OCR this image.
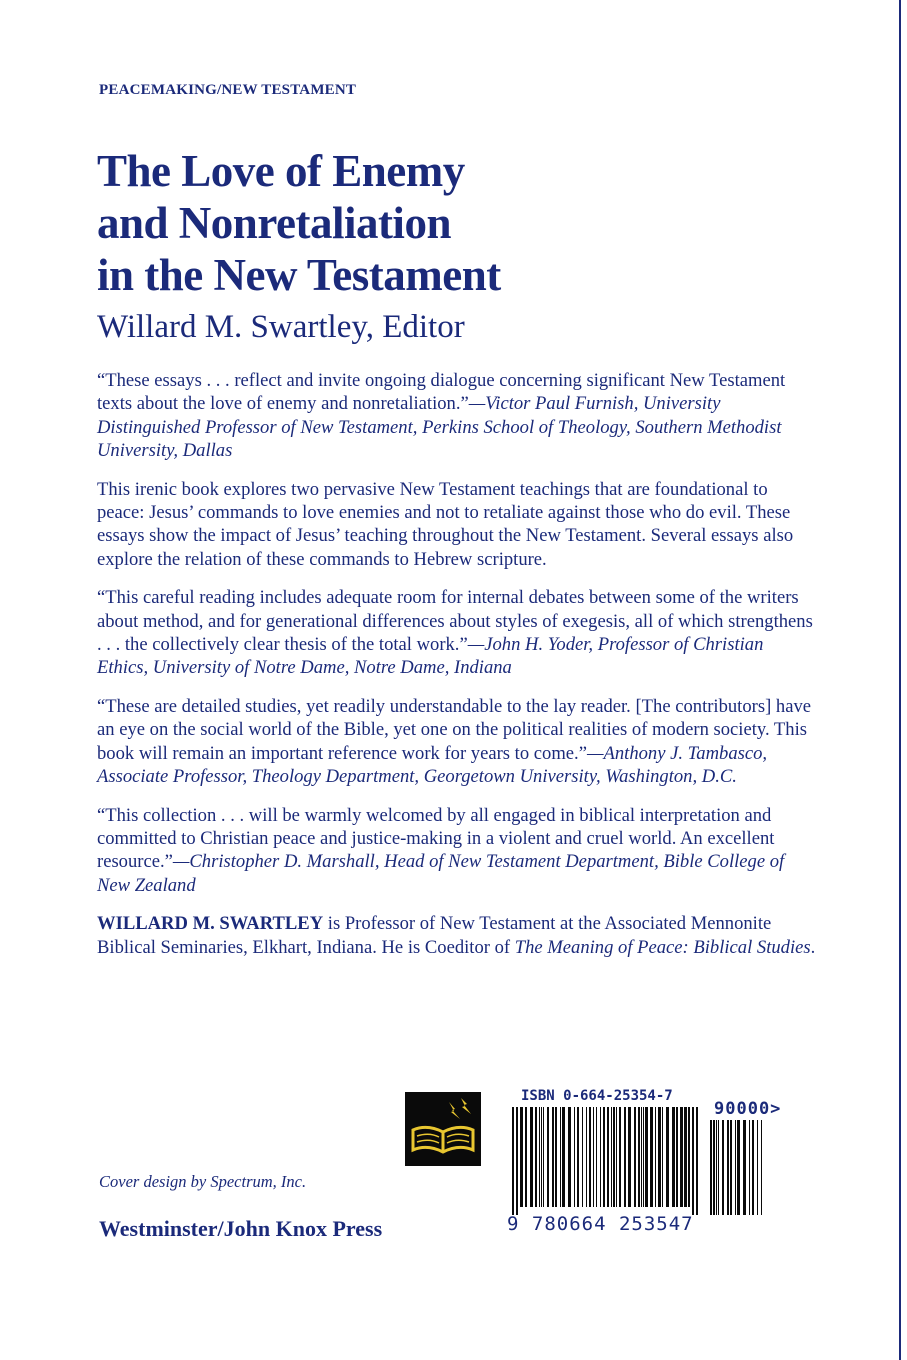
PEACEMAKING/NEW TESTAMENT
The Love of Enemy
and Nonretaliation
in the New Testament
Willard M. Swartley, Editor

“These essays . . . reflect and invite ongoing dialogue concerning significant New Testament texts about the love of enemy and nonretaliation.”—Victor Paul Furnish, University Distinguished Professor of New Testament, Perkins School of Theology, Southern Methodist University, Dallas

This irenic book explores two pervasive New Testament teachings that are foundational to peace: Jesus’ commands to love enemies and not to retaliate against those who do evil. These essays show the impact of Jesus’ teaching throughout the New Testament. Several essays also explore the relation of these commands to Hebrew scripture.

“This careful reading includes adequate room for internal debates between some of the writers about method, and for generational differences about styles of exegesis, all of which strengthens . . . the collectively clear thesis of the total work.”—John H. Yoder, Professor of Christian Ethics, University of Notre Dame, Notre Dame, Indiana

“These are detailed studies, yet readily understandable to the lay reader. [The contributors] have an eye on the social world of the Bible, yet one on the political realities of modern society. This book will remain an important reference work for years to come.”—Anthony J. Tambasco, Associate Professor, Theology Department, Georgetown University, Washington, D.C.

“This collection . . . will be warmly welcomed by all engaged in biblical interpretation and committed to Christian peace and justice-making in a violent and cruel world. An excellent resource.”—Christopher D. Marshall, Head of New Testament Department, Bible College of New Zealand

WILLARD M. SWARTLEY is Professor of New Testament at the Associated Mennonite Biblical Seminaries, Elkhart, Indiana. He is Coeditor of The Meaning of Peace: Biblical Studies.

ISBN 0-664-25354-7
90000>
9 780664 253547
Cover design by Spectrum, Inc.
Westminster/John Knox Press
